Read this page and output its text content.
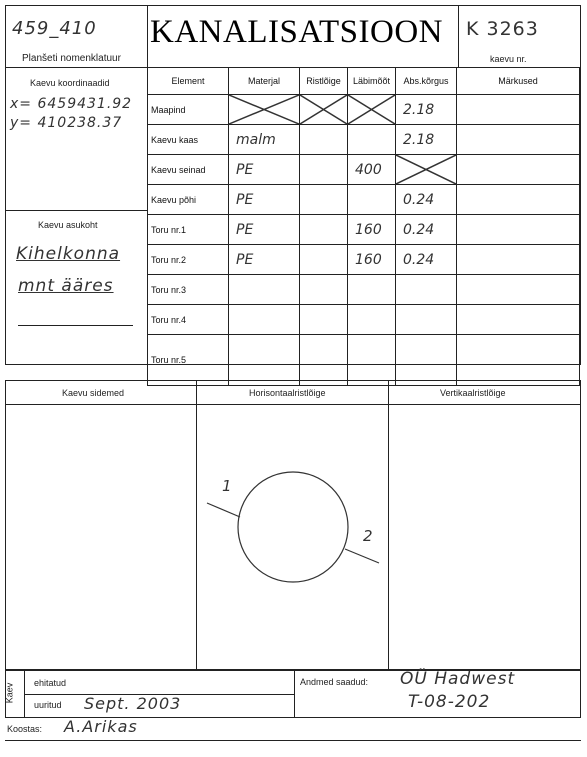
459_410
Planšeti nomenklatuur
KANALISATSIOON K 3263
kaevu nr.
Kaevu koordinaadid
x= 6459431.92
y= 410238.37
Kaevu asukoht
Kihelkonna
mnt ääres
Element	Materjal	Ristlõige	Läbimõõt	Abs.kõrgus	Märkused
Maapind				2.18	
Kaevu kaas	malm			2.18	
Kaevu seinad	PE		400	

Kaevu põhi	PE			0.24	
Toru nr.1	PE		160	0.24	
Toru nr.2	PE		160	0.24	
Toru nr.3					
Toru nr.4					
Toru nr.5					
Kaevu sidemed	Horisontaalristlõige	Vertikaalristlõige
1
2
Kaev ehitatud
uuritud Sept. 2003
Andmed saadud: OÜ Hadwest
T-08-202
Koostas: A.Arikas
